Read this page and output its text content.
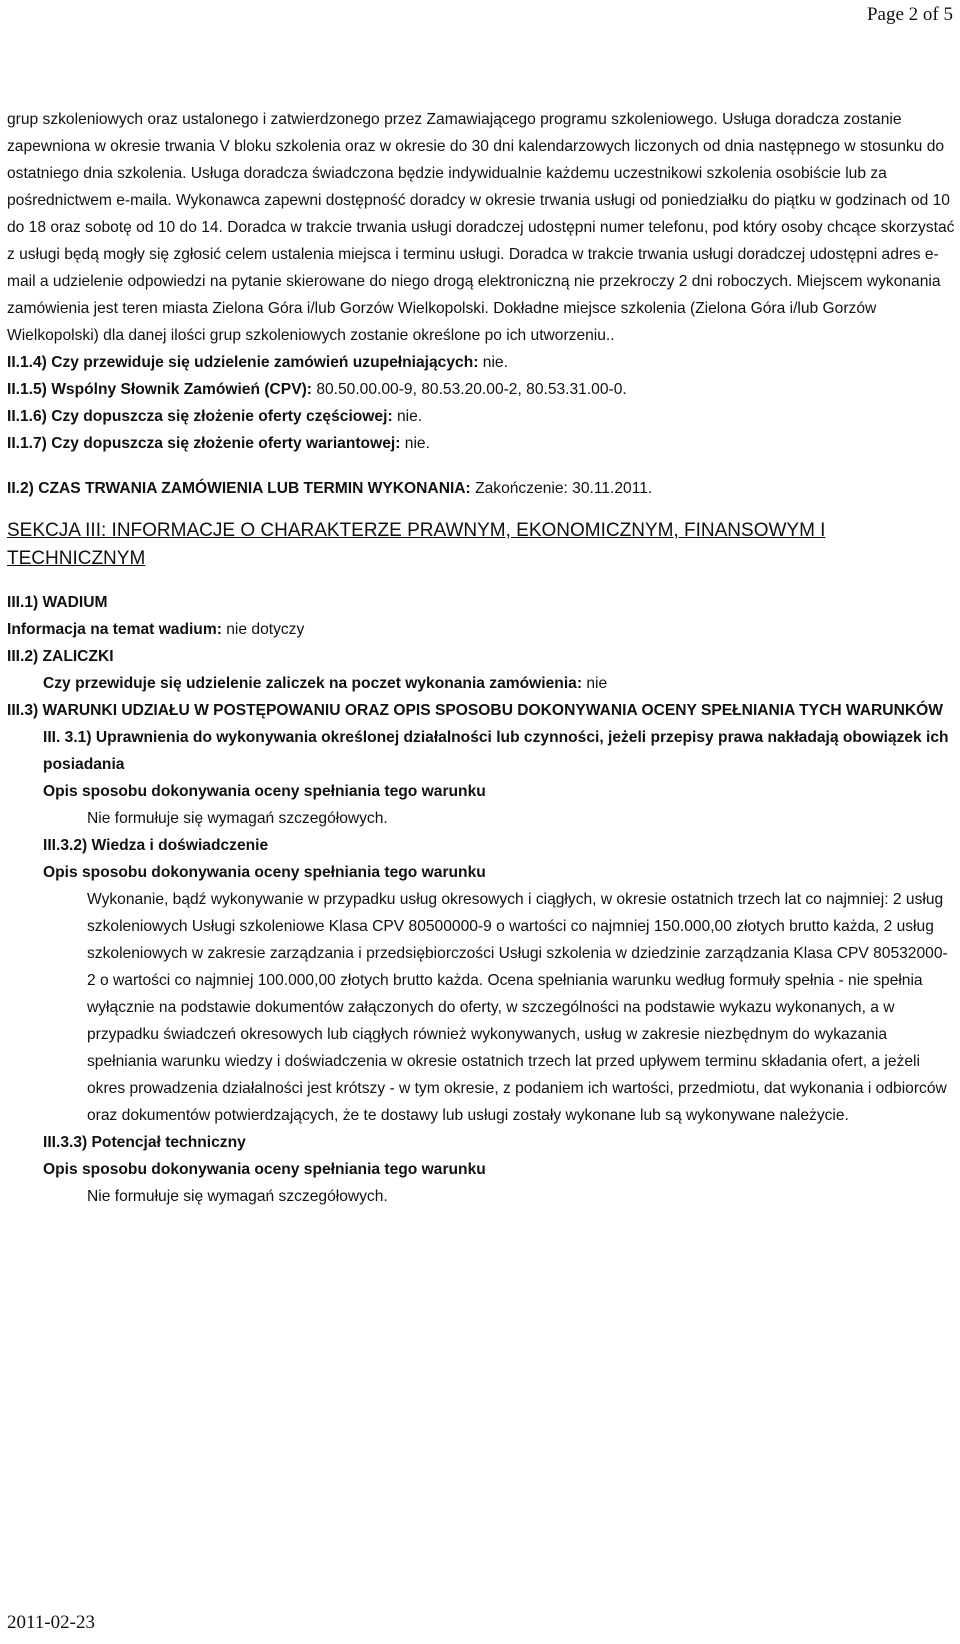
Page 2 of 5

grup szkoleniowych oraz ustalonego i zatwierdzonego przez Zamawiającego programu szkoleniowego. Usługa doradcza zostanie zapewniona w okresie trwania V bloku szkolenia oraz w okresie do 30 dni kalendarzowych liczonych od dnia następnego w stosunku do ostatniego dnia szkolenia. Usługa doradcza świadczona będzie indywidualnie każdemu uczestnikowi szkolenia osobiście lub za pośrednictwem e-maila. Wykonawca zapewni dostępność doradcy w okresie trwania usługi od poniedziałku do piątku w godzinach od 10 do 18 oraz sobotę od 10 do 14. Doradca w trakcie trwania usługi doradczej udostępni numer telefonu, pod który osoby chcące skorzystać z usługi będą mogły się zgłosić celem ustalenia miejsca i terminu usługi. Doradca w trakcie trwania usługi doradczej udostępni adres e-mail a udzielenie odpowiedzi na pytanie skierowane do niego drogą elektroniczną nie przekroczy 2 dni roboczych. Miejscem wykonania zamówienia jest teren miasta Zielona Góra i/lub Gorzów Wielkopolski. Dokładne miejsce szkolenia (Zielona Góra i/lub Gorzów Wielkopolski) dla danej ilości grup szkoleniowych zostanie określone po ich utworzeniu..

II.1.4) Czy przewiduje się udzielenie zamówień uzupełniających: nie.

II.1.5) Wspólny Słownik Zamówień (CPV): 80.50.00.00-9, 80.53.20.00-2, 80.53.31.00-0.

II.1.6) Czy dopuszcza się złożenie oferty częściowej: nie.

II.1.7) Czy dopuszcza się złożenie oferty wariantowej: nie.

II.2) CZAS TRWANIA ZAMÓWIENIA LUB TERMIN WYKONANIA: Zakończenie: 30.11.2011.

SEKCJA III: INFORMACJE O CHARAKTERZE PRAWNYM, EKONOMICZNYM, FINANSOWYM I TECHNICZNYM

III.1) WADIUM

Informacja na temat wadium: nie dotyczy

III.2) ZALICZKI

Czy przewiduje się udzielenie zaliczek na poczet wykonania zamówienia: nie

III.3) WARUNKI UDZIAŁU W POSTĘPOWANIU ORAZ OPIS SPOSOBU DOKONYWANIA OCENY SPEŁNIANIA TYCH WARUNKÓW

III. 3.1) Uprawnienia do wykonywania określonej działalności lub czynności, jeżeli przepisy prawa nakładają obowiązek ich posiadania

Opis sposobu dokonywania oceny spełniania tego warunku

Nie formułuje się wymagań szczegółowych.

III.3.2) Wiedza i doświadczenie

Opis sposobu dokonywania oceny spełniania tego warunku

Wykonanie, bądź wykonywanie w przypadku usług okresowych i ciągłych, w okresie ostatnich trzech lat co najmniej: 2 usług szkoleniowych Usługi szkoleniowe Klasa CPV 80500000-9 o wartości co najmniej 150.000,00 złotych brutto każda, 2 usług szkoleniowych w zakresie zarządzania i przedsiębiorczości Usługi szkolenia w dziedzinie zarządzania Klasa CPV 80532000-2 o wartości co najmniej 100.000,00 złotych brutto każda. Ocena spełniania warunku według formuły spełnia - nie spełnia wyłącznie na podstawie dokumentów załączonych do oferty, w szczególności na podstawie wykazu wykonanych, a w przypadku świadczeń okresowych lub ciągłych również wykonywanych, usług w zakresie niezbędnym do wykazania spełniania warunku wiedzy i doświadczenia w okresie ostatnich trzech lat przed upływem terminu składania ofert, a jeżeli okres prowadzenia działalności jest krótszy - w tym okresie, z podaniem ich wartości, przedmiotu, dat wykonania i odbiorców oraz dokumentów potwierdzających, że te dostawy lub usługi zostały wykonane lub są wykonywane należycie.

III.3.3) Potencjał techniczny

Opis sposobu dokonywania oceny spełniania tego warunku

Nie formułuje się wymagań szczegółowych.

2011-02-23
